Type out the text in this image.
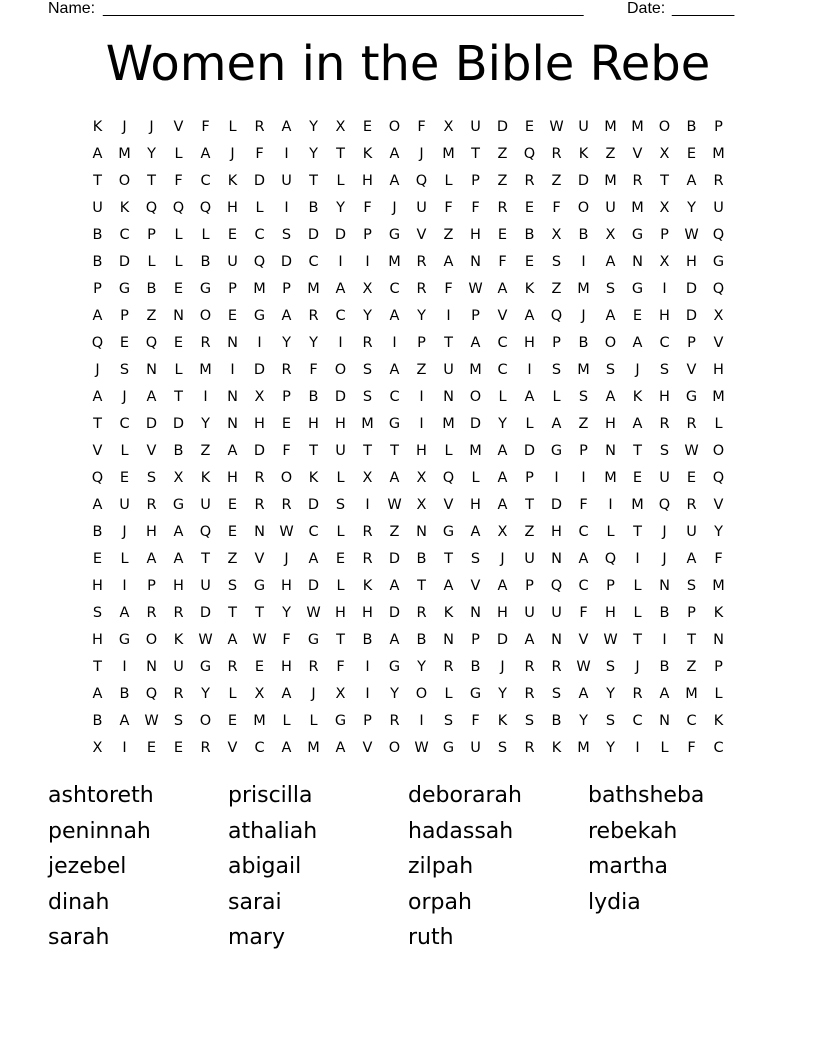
Name: ______________________________________________________	Date: _______
Women in the Bible Rebe
K	J	J	V	F	L	R	A	Y	X	E	O	F	X	U	D	E	W	U	M M	O	B	P
A	M	Y	L	A	J	F	I	Y	T	K	A	J	M	T	Z	Q	R	K	Z	V	X	E	M
T	O	T	F	C	K	D	U	T	L	H	A	Q	L	P	Z	R	Z	D	M	R	T	A	R
U	K	Q	Q	Q	H	L	I	B	Y	F	J	U	F	F	R	E	F	O	U	M	X	Y	U
B	C	P	L	L	E	C	S	D	D	P	G	V	Z	H	E	B	X	B	X	G	P	W Q
B	D	L	L	B	U	Q	D	C	I	I	M	R	A	N	F	E	S	I	A	N	X	H	G
P	G	B	E	G	P	M	P	M	A	X	C	R	F	W	A	K	Z	M	S	G	I	D	Q
A	P	Z	N	O	E	G	A	R	C	Y	A	Y	I	P	V	A	Q	J	A	E	H	D	X
Q	E	Q	E	R	N	I	Y	Y	I	R	I	P	T	A	C	H	P	B	O	A	C	P	V
J	S	N	L	M	I	D	R	F	O	S	A	Z	U	M	C	I	S	M	S	J	S	V	H
A	J	A	T	I	N	X	P	B	D	S	C	I	N	O	L	A	L	S	A	K	H	G	M
T	C	D	D	Y	N	H	E	H	H	M	G	I	M	D	Y	L	A	Z	H	A	R	R	L
V	L	V	B	Z	A	D	F	T	U	T	T	H	L	M	A	D	G	P	N	T	S	W O
Q	E	S	X	K	H	R	O	K	L	X	A	X	Q	L	A	P	I	I	M	E	U	E	Q
A	U	R	G	U	E	R	R	D	S	I	W	X	V	H	A	T	D	F	I	M	Q	R	V
B	J	H	A	Q	E	N W	C	L	R	Z	N	G	A	X	Z	H	C	L	T	J	U	Y
E	L	A	A	T	Z	V	J	A	E	R	D	B	T	S	J	U	N	A	Q	I	J	A	F
H	I	P	H	U	S	G	H	D	L	K	A	T	A	V	A	P	Q	C	P	L	N	S	M
S	A	R	R	D	T	T	Y	W H	H	D	R	K	N	H	U	U	F	H	L	B	P	K
H	G	O	K	W	A	W	F	G	T	B	A	B	N	P	D	A	N	V	W	T	I	T	N
T	I	N	U	G	R	E	H	R	F	I	G	Y	R	B	J	R	R	W	S	J	B	Z	P
A	B	Q	R	Y	L	X	A	J	X	I	Y	O	L	G	Y	R	S	A	Y	R	A	M	L
B	A	W	S	O	E	M	L	L	G	P	R	I	S	F	K	S	B	Y	S	C	N	C	K
X	I	E	E	R	V	C	A	M	A	V	O W G	U	S	R	K	M	Y	I	L	F	C
ashtoreth	priscilla	deborarah	bathsheba
peninnah	athaliah	hadassah	rebekah
jezebel	abigail	zilpah	martha
dinah	sarai	orpah	lydia
sarah	mary	ruth
